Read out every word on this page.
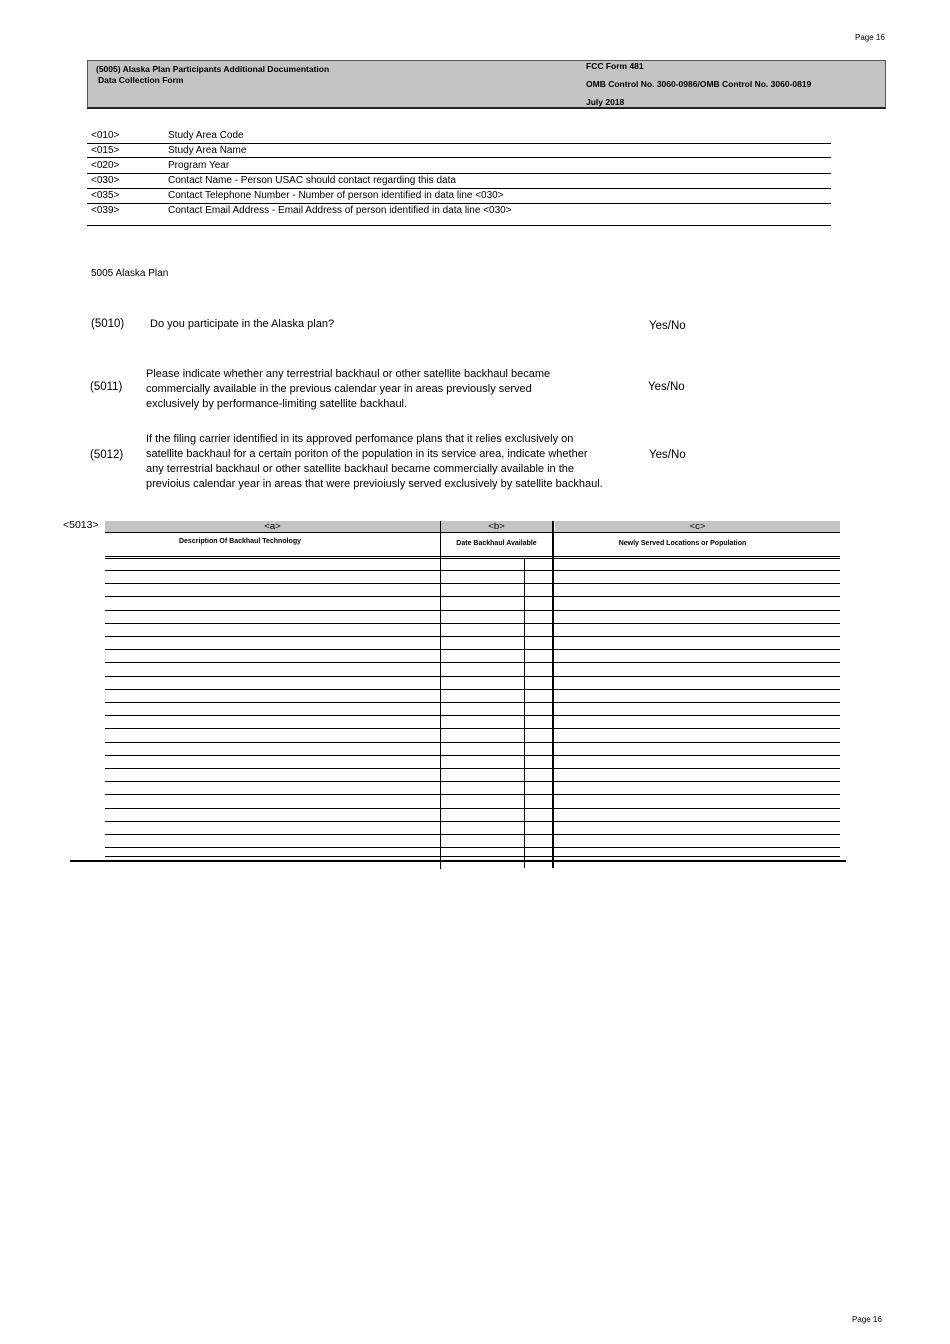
Page 16
Page 16
(5005) Alaska Plan Participants Additional Documentation
Data Collection Form
FCC Form 481
OMB Control No. 3060-0986/OMB Control No. 3060-0819
July 2018
<010>	Study Area Code
<015>	Study Area Name
<020>	Program Year
<030>	Contact Name - Person USAC should contact regarding this data
<035>	Contact Telephone Number - Number of person identified in data line <030>
<039>	Contact Email Address - Email Address of person identified in data line <030>
5005 Alaska Plan
(5010) Do you participate in the Alaska plan?	Yes/No
(5011)
Please indicate whether any terrestrial backhaul or other satellite backhaul became
commercially available in the previous calendar year in areas previously served
exclusively by performance-limiting satellite backhaul.
Yes/No
(5012)
If the filing carrier identified in its approved perfomance plans that it relies exclusively on
satellite backhaul for a certain poriton of the population in its service area, indicate whether
any terrestrial backhaul or other satellite backhaul became commercially available in the
previoius calendar year in areas that were previoiusly served exclusively by satellite backhaul.
Yes/No
<5013>	<a>	<b>	<c>
Description Of Backhaul Technology	Date Backhaul Available	Newly Served Locations or Population
